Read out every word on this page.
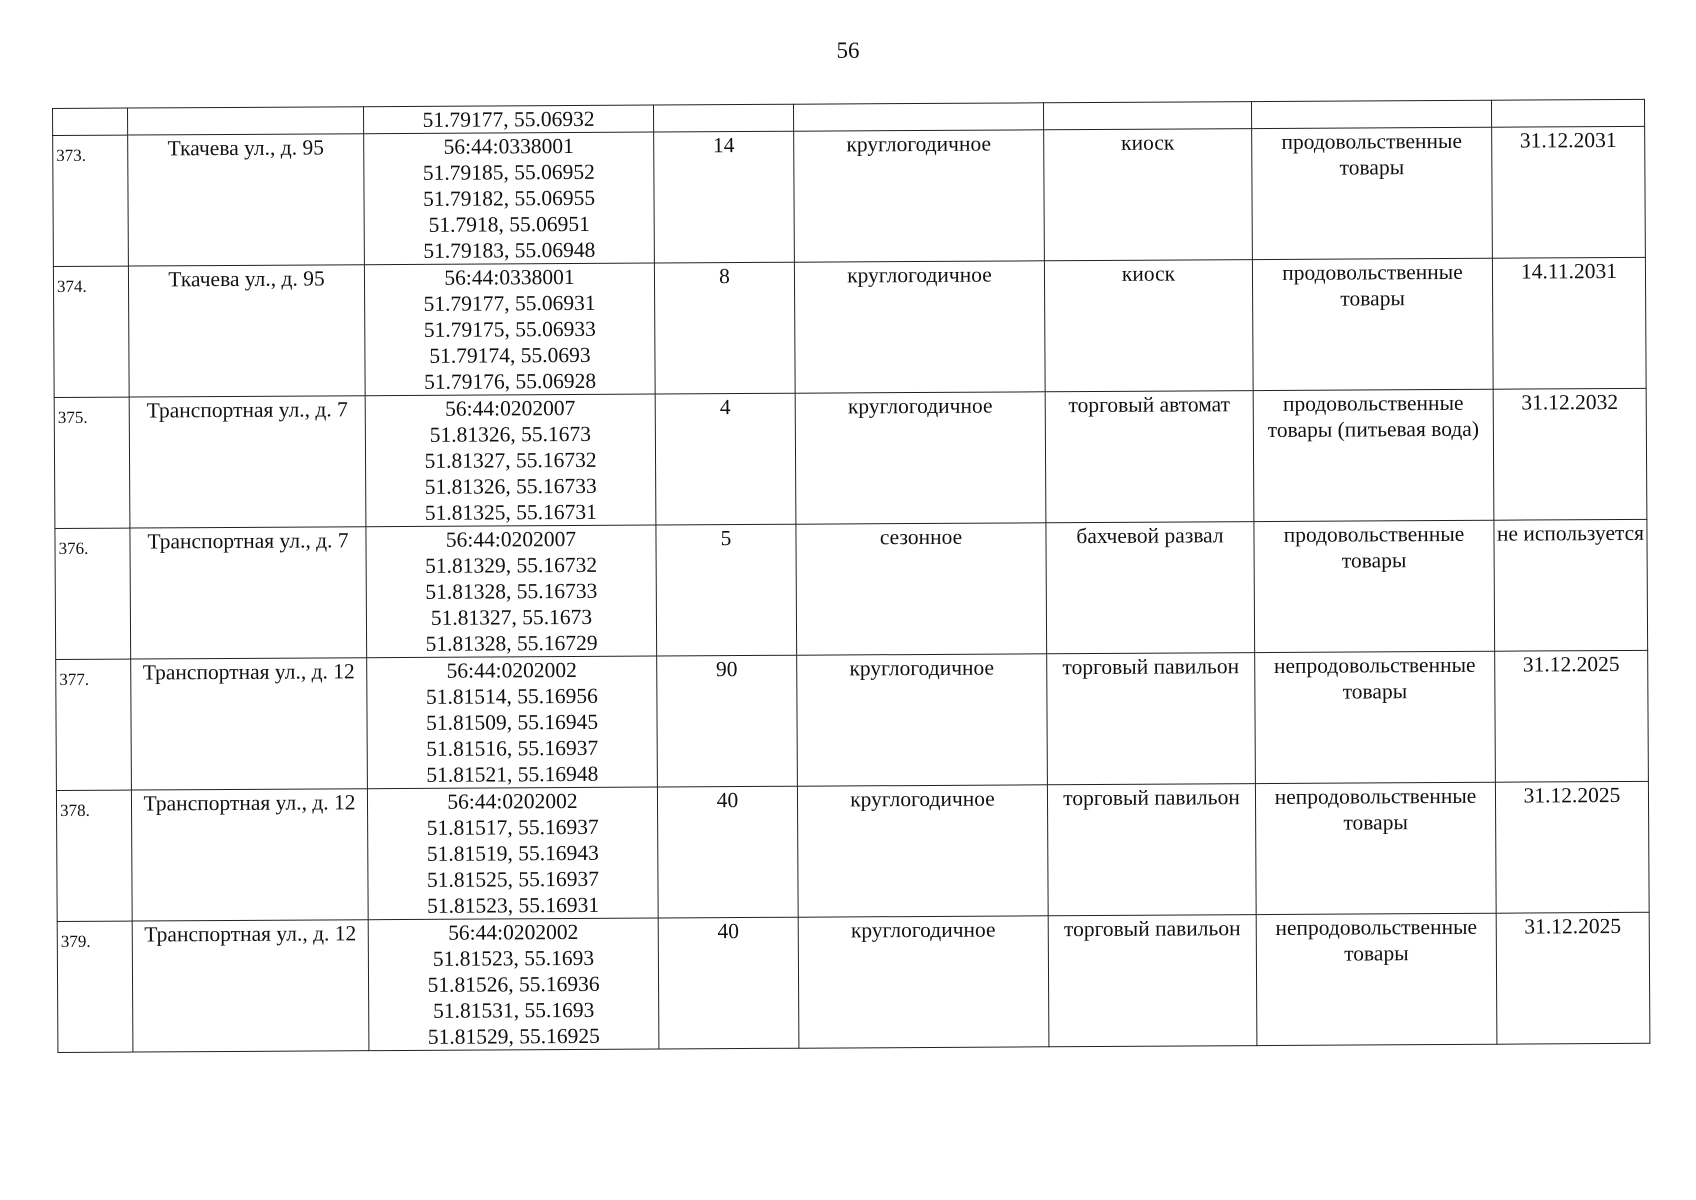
56
		51.79177, 55.06932					
373.	Ткачева ул., д. 95	56:44:0338001
51.79185, 55.06952
51.79182, 55.06955
51.7918, 55.06951
51.79183, 55.06948	14	круглогодичное	киоск	продовольственные товары	31.12.2031
374.	Ткачева ул., д. 95	56:44:0338001
51.79177, 55.06931
51.79175, 55.06933
51.79174, 55.0693
51.79176, 55.06928	8	круглогодичное	киоск	продовольственные товары	14.11.2031
375.	Транспортная ул., д. 7	56:44:0202007
51.81326, 55.1673
51.81327, 55.16732
51.81326, 55.16733
51.81325, 55.16731	4	круглогодичное	торговый автомат	продовольственные товары (питьевая вода)	31.12.2032
376.	Транспортная ул., д. 7	56:44:0202007
51.81329, 55.16732
51.81328, 55.16733
51.81327, 55.1673
51.81328, 55.16729	5	сезонное	бахчевой развал	продовольственные товары	не используется
377.	Транспортная ул., д. 12	56:44:0202002
51.81514, 55.16956
51.81509, 55.16945
51.81516, 55.16937
51.81521, 55.16948	90	круглогодичное	торговый павильон	непродовольственные товары	31.12.2025
378.	Транспортная ул., д. 12	56:44:0202002
51.81517, 55.16937
51.81519, 55.16943
51.81525, 55.16937
51.81523, 55.16931	40	круглогодичное	торговый павильон	непродовольственные товары	31.12.2025
379.	Транспортная ул., д. 12	56:44:0202002
51.81523, 55.1693
51.81526, 55.16936
51.81531, 55.1693
51.81529, 55.16925	40	круглогодичное	торговый павильон	непродовольственные товары	31.12.2025
